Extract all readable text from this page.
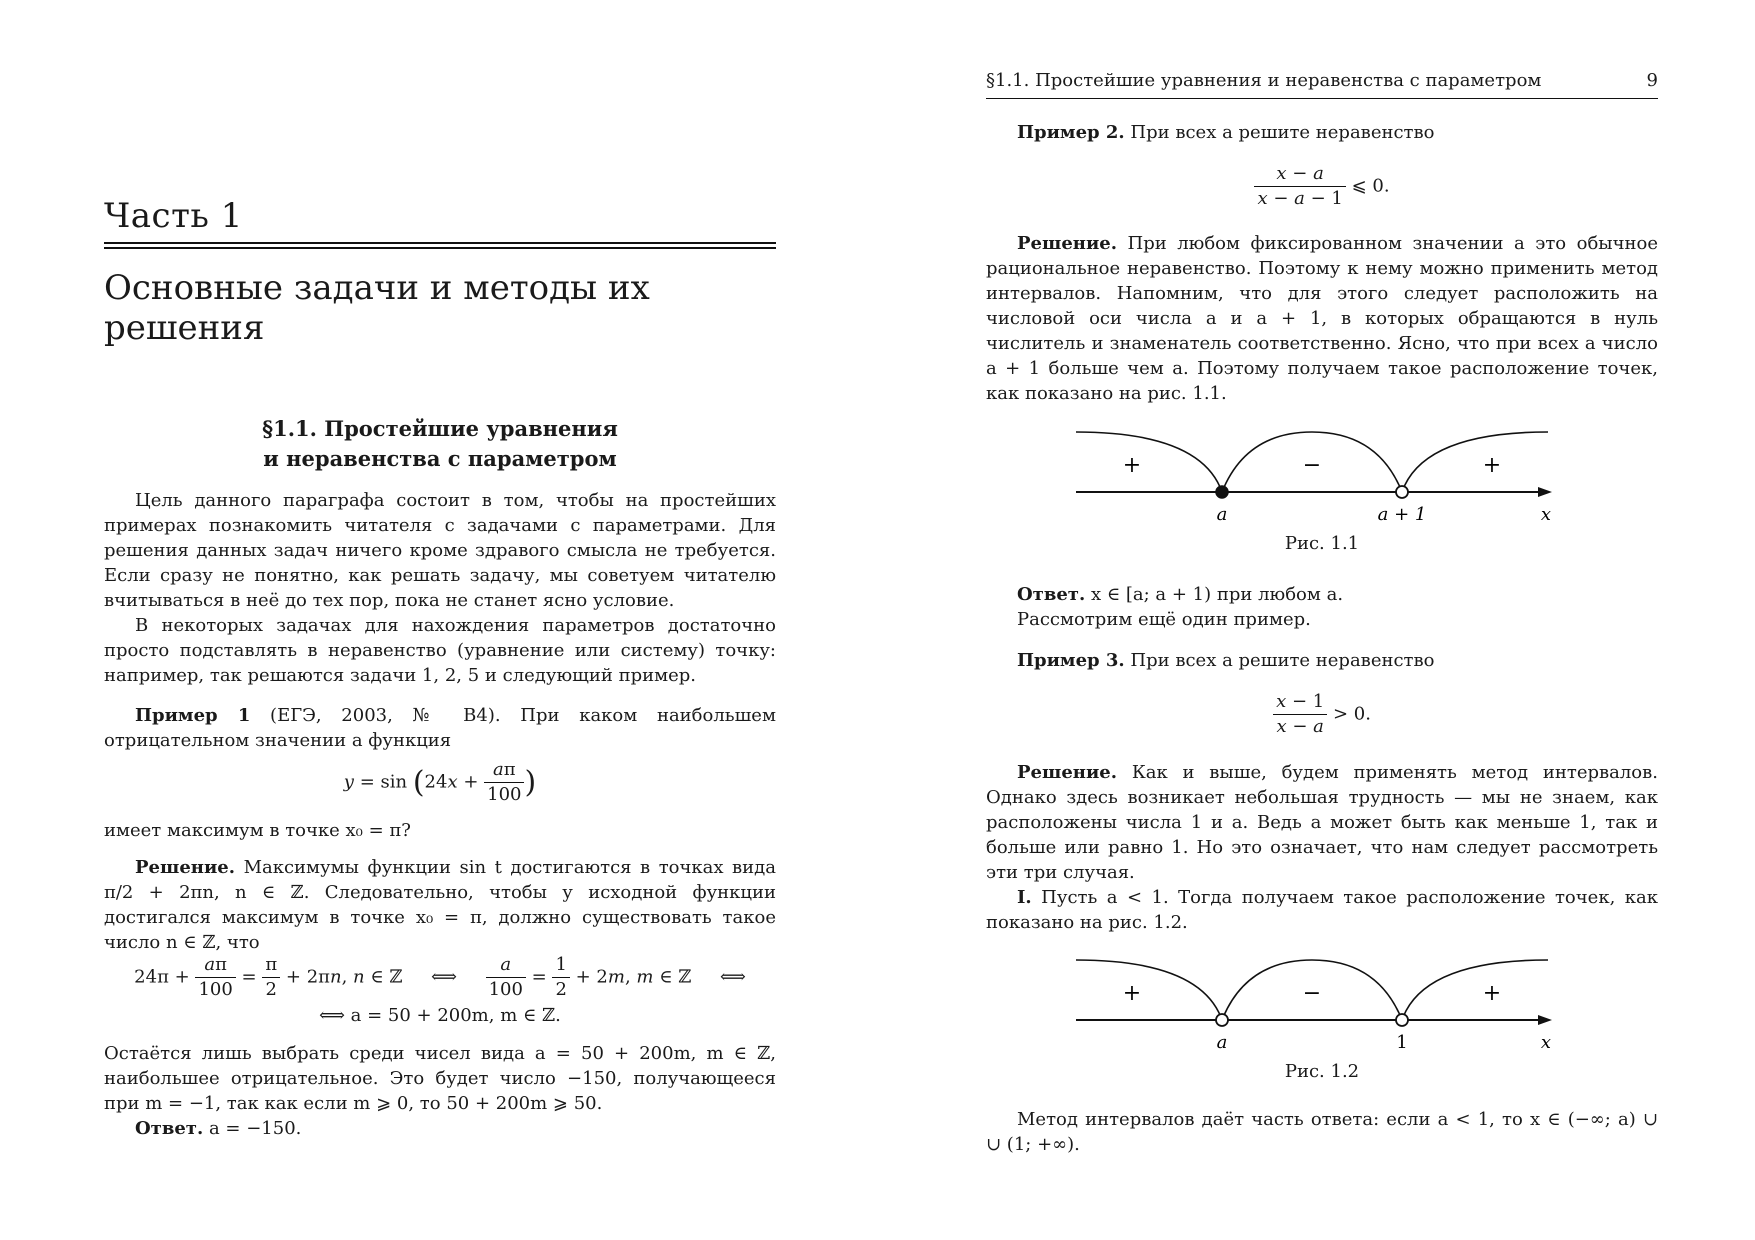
Часть 1
Основные задачи и методы их решения
§1.1. Простейшие уравнения
и неравенства с параметром

Цель данного параграфа состоит в том, чтобы на простейших примерах познакомить читателя с задачами с параметрами. Для решения данных задач ничего кроме здравого смысла не требуется. Если сразу не понятно, как решать задачу, мы советуем читателю вчитываться в неё до тех пор, пока не станет ясно условие.

В некоторых задачах для нахождения параметров достаточно просто подставлять в неравенство (уравнение или систему) точку: например, так решаются задачи 1, 2, 5 и следующий пример.

Пример 1 (ЕГЭ, 2003, № B4). При каком наибольшем отрицательном значении a функция

$y = \sin (24x + \frac{a\pi}{100}$ )

имеет максимум в точке x₀ = π?

Решение. Максимумы функции sin t достигаются в точках вида π/2 + 2πn, n ∈ ℤ. Следовательно, чтобы у исходной функции достигался максимум в точке x₀ = π, должно существовать такое число n ∈ ℤ, что

$24\pi + \frac{a\pi}{100} = \frac{\pi}{2} + 2\pi n$, n ∈ ℤ     ⟺ $\frac{a}{100} = \frac{1}{2} + 2m$, m ∈ ℤ     ⟺
⟺ a = 50 + 200m, m ∈ ℤ.

Остаётся лишь выбрать среди чисел вида a = 50 + 200m, m ∈ ℤ, наибольшее отрицательное. Это будет число −150, получающееся при m = −1, так как если m ⩾ 0, то 50 + 200m ⩾ 50.

Ответ. a = −150.

§1.1. Простейшие уравнения и неравенства с параметром	9

Пример 2. При всех a решите неравенство

$\frac{x - a}{x - a - 1}$ ⩽ 0.

Решение. При любом фиксированном значении a это обычное рациональное неравенство. Поэтому к нему можно применить метод интервалов. Напомним, что для этого следует расположить на числовой оси числа a и a + 1, в которых обращаются в нуль числитель и знаменатель соответственно. Ясно, что при всех a число a + 1 больше чем a. Поэтому получаем такое расположение точек, как показано на рис. 1.1.

+	−	+
a	a + 1	x
Рис. 1.1

Ответ. x ∈ [a; a + 1) при любом a.

Рассмотрим ещё один пример.

Пример 3. При всех a решите неравенство

$\frac{x - 1}{x - a} > 0$.

Решение. Как и выше, будем применять метод интервалов. Однако здесь возникает небольшая трудность — мы не знаем, как расположены числа 1 и a. Ведь a может быть как меньше 1, так и больше или равно 1. Но это означает, что нам следует рассмотреть эти три случая.

I. Пусть a < 1. Тогда получаем такое расположение точек, как показано на рис. 1.2.

+	−	+
a	1	x
Рис. 1.2

Метод интервалов даёт часть ответа: если a < 1, то x ∈ (−∞; a) ∪ ∪ (1; +∞).
